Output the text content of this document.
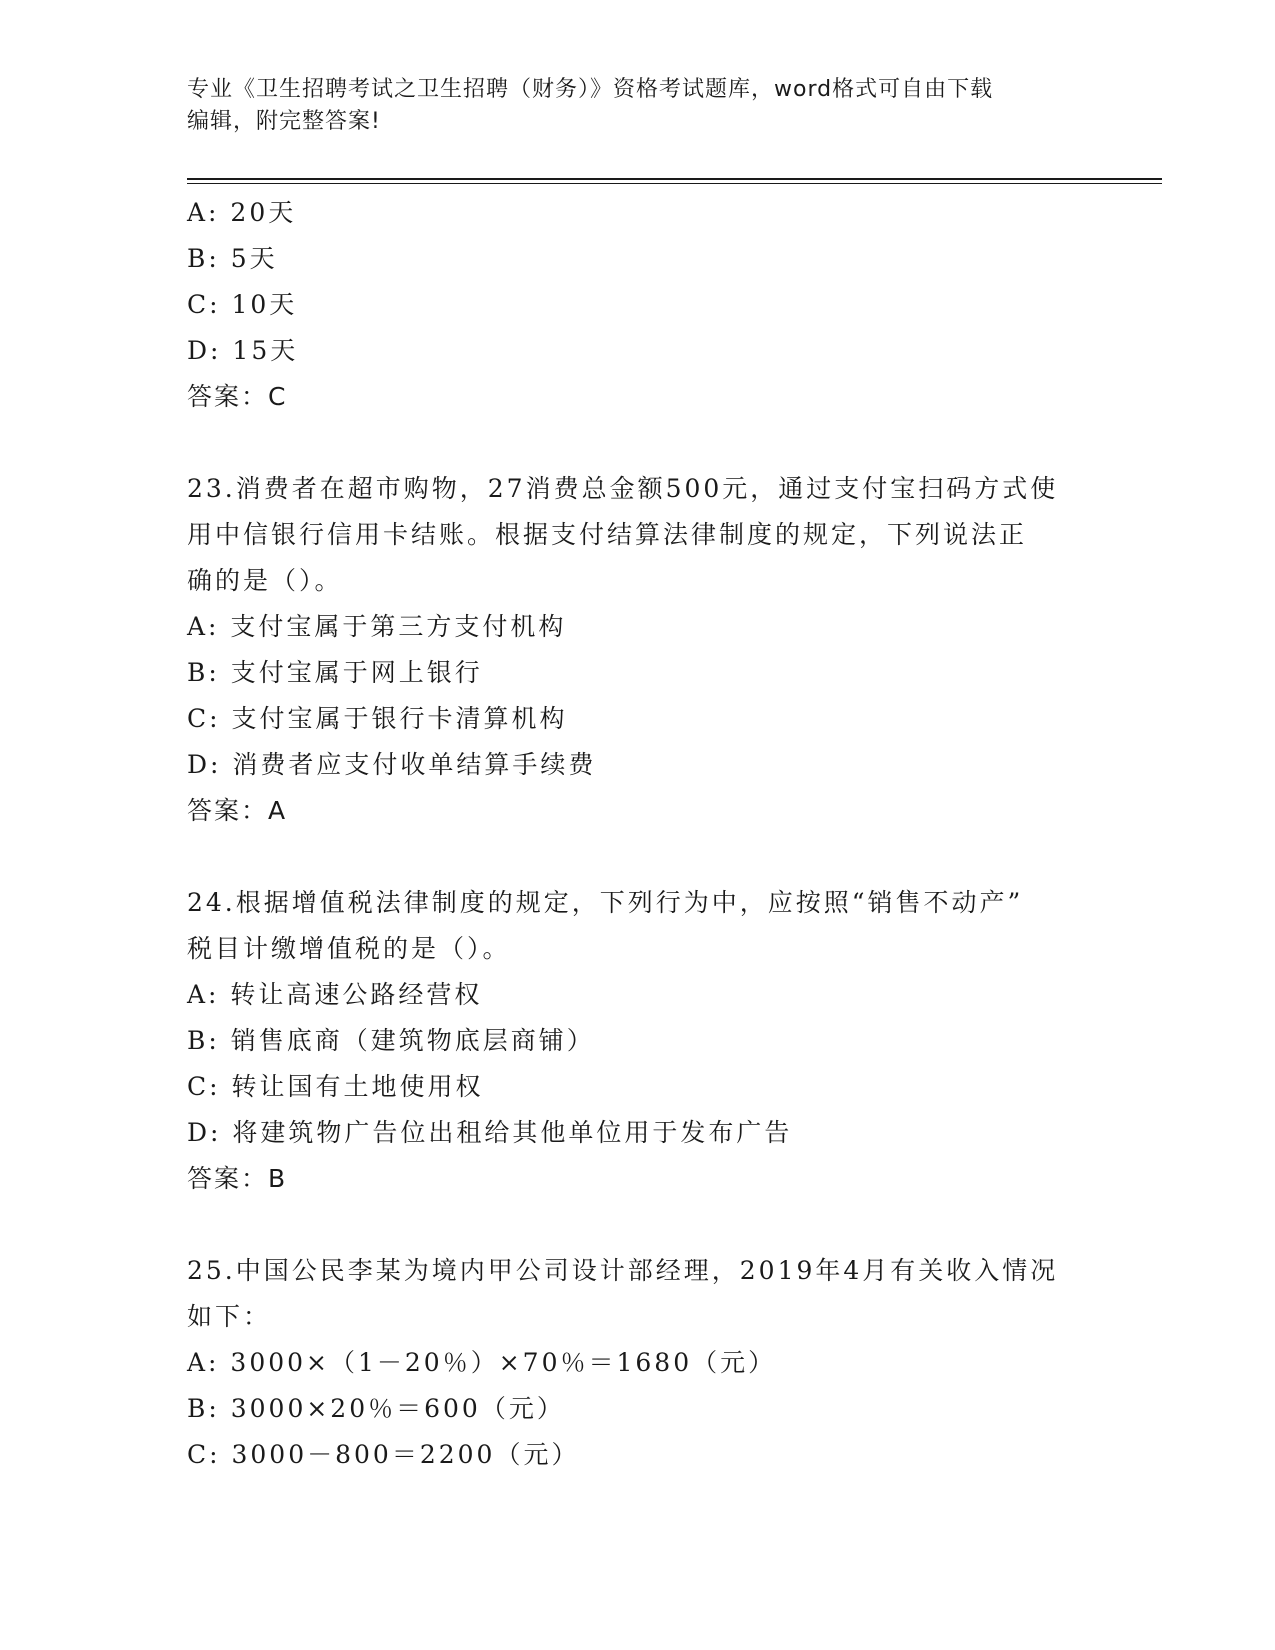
专业《卫生招聘考试之卫生招聘（财务）》资格考试题库，word格式可自由下载
编辑，附完整答案!
A: 20天
B: 5天
C: 10天
D: 15天
答案：C
23.消费者在超市购物，27消费总金额500元，通过支付宝扫码方式使
用中信银行信用卡结账。根据支付结算法律制度的规定，下列说法正
确的是（）。
A: 支付宝属于第三方支付机构
B: 支付宝属于网上银行
C: 支付宝属于银行卡清算机构
D: 消费者应支付收单结算手续费
答案：A
24.根据增值税法律制度的规定，下列行为中，应按照“销售不动产”
税目计缴增值税的是（）。
A: 转让高速公路经营权
B: 销售底商（建筑物底层商铺）
C: 转让国有土地使用权
D: 将建筑物广告位出租给其他单位用于发布广告
答案：B
25.中国公民李某为境内甲公司设计部经理，2019年4月有关收入情况
如下：
A: 3000×（1－20％）×70％＝1680（元）
B: 3000×20％＝600（元）
C: 3000－800＝2200（元）
